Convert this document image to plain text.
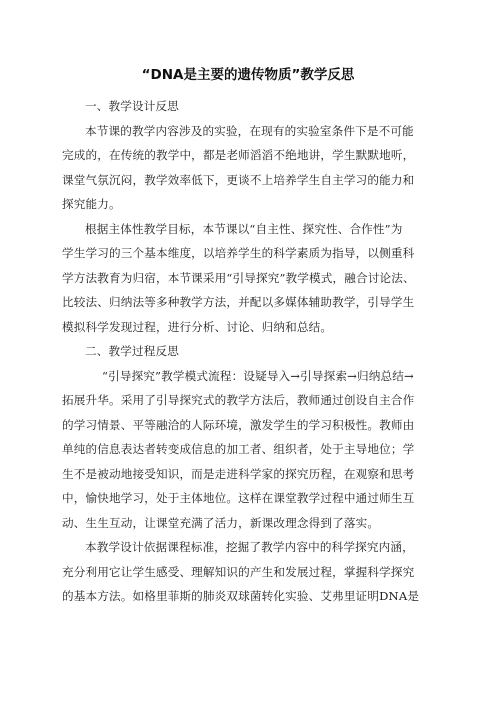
“DNA是主要的遗传物质”教学反思
一、教学设计反思
本节课的教学内容涉及的实验，在现有的实验室条件下是不可能
完成的，在传统的教学中，都是老师滔滔不绝地讲，学生默默地听，
课堂气氛沉闷，教学效率低下，更谈不上培养学生自主学习的能力和
探究能力。
根据主体性教学目标，本节课以“自主性、探究性、合作性”为
学生学习的三个基本维度，以培养学生的科学素质为指导，以侧重科
学方法教育为归宿，本节课采用“引导探究”教学模式，融合讨论法、
比较法、归纳法等多种教学方法，并配以多媒体辅助教学，引导学生
模拟科学发现过程，进行分析、讨论、归纳和总结。
二、教学过程反思
“引导探究”教学模式流程：设疑导入→引导探索→归纳总结→
拓展升华。采用了引导探究式的教学方法后，教师通过创设自主合作
的学习情景、平等融洽的人际环境，激发学生的学习积极性。教师由
单纯的信息表达者转变成信息的加工者、组织者，处于主导地位；学
生不是被动地接受知识，而是走进科学家的探究历程，在观察和思考
中，愉快地学习，处于主体地位。这样在课堂教学过程中通过师生互
动、生生互动，让课堂充满了活力，新课改理念得到了落实。
本教学设计依据课程标准，挖掘了教学内容中的科学探究内涵，
充分利用它让学生感受、理解知识的产生和发展过程，掌握科学探究
的基本方法。如格里菲斯的肺炎双球菌转化实验、艾弗里证明DNA是
